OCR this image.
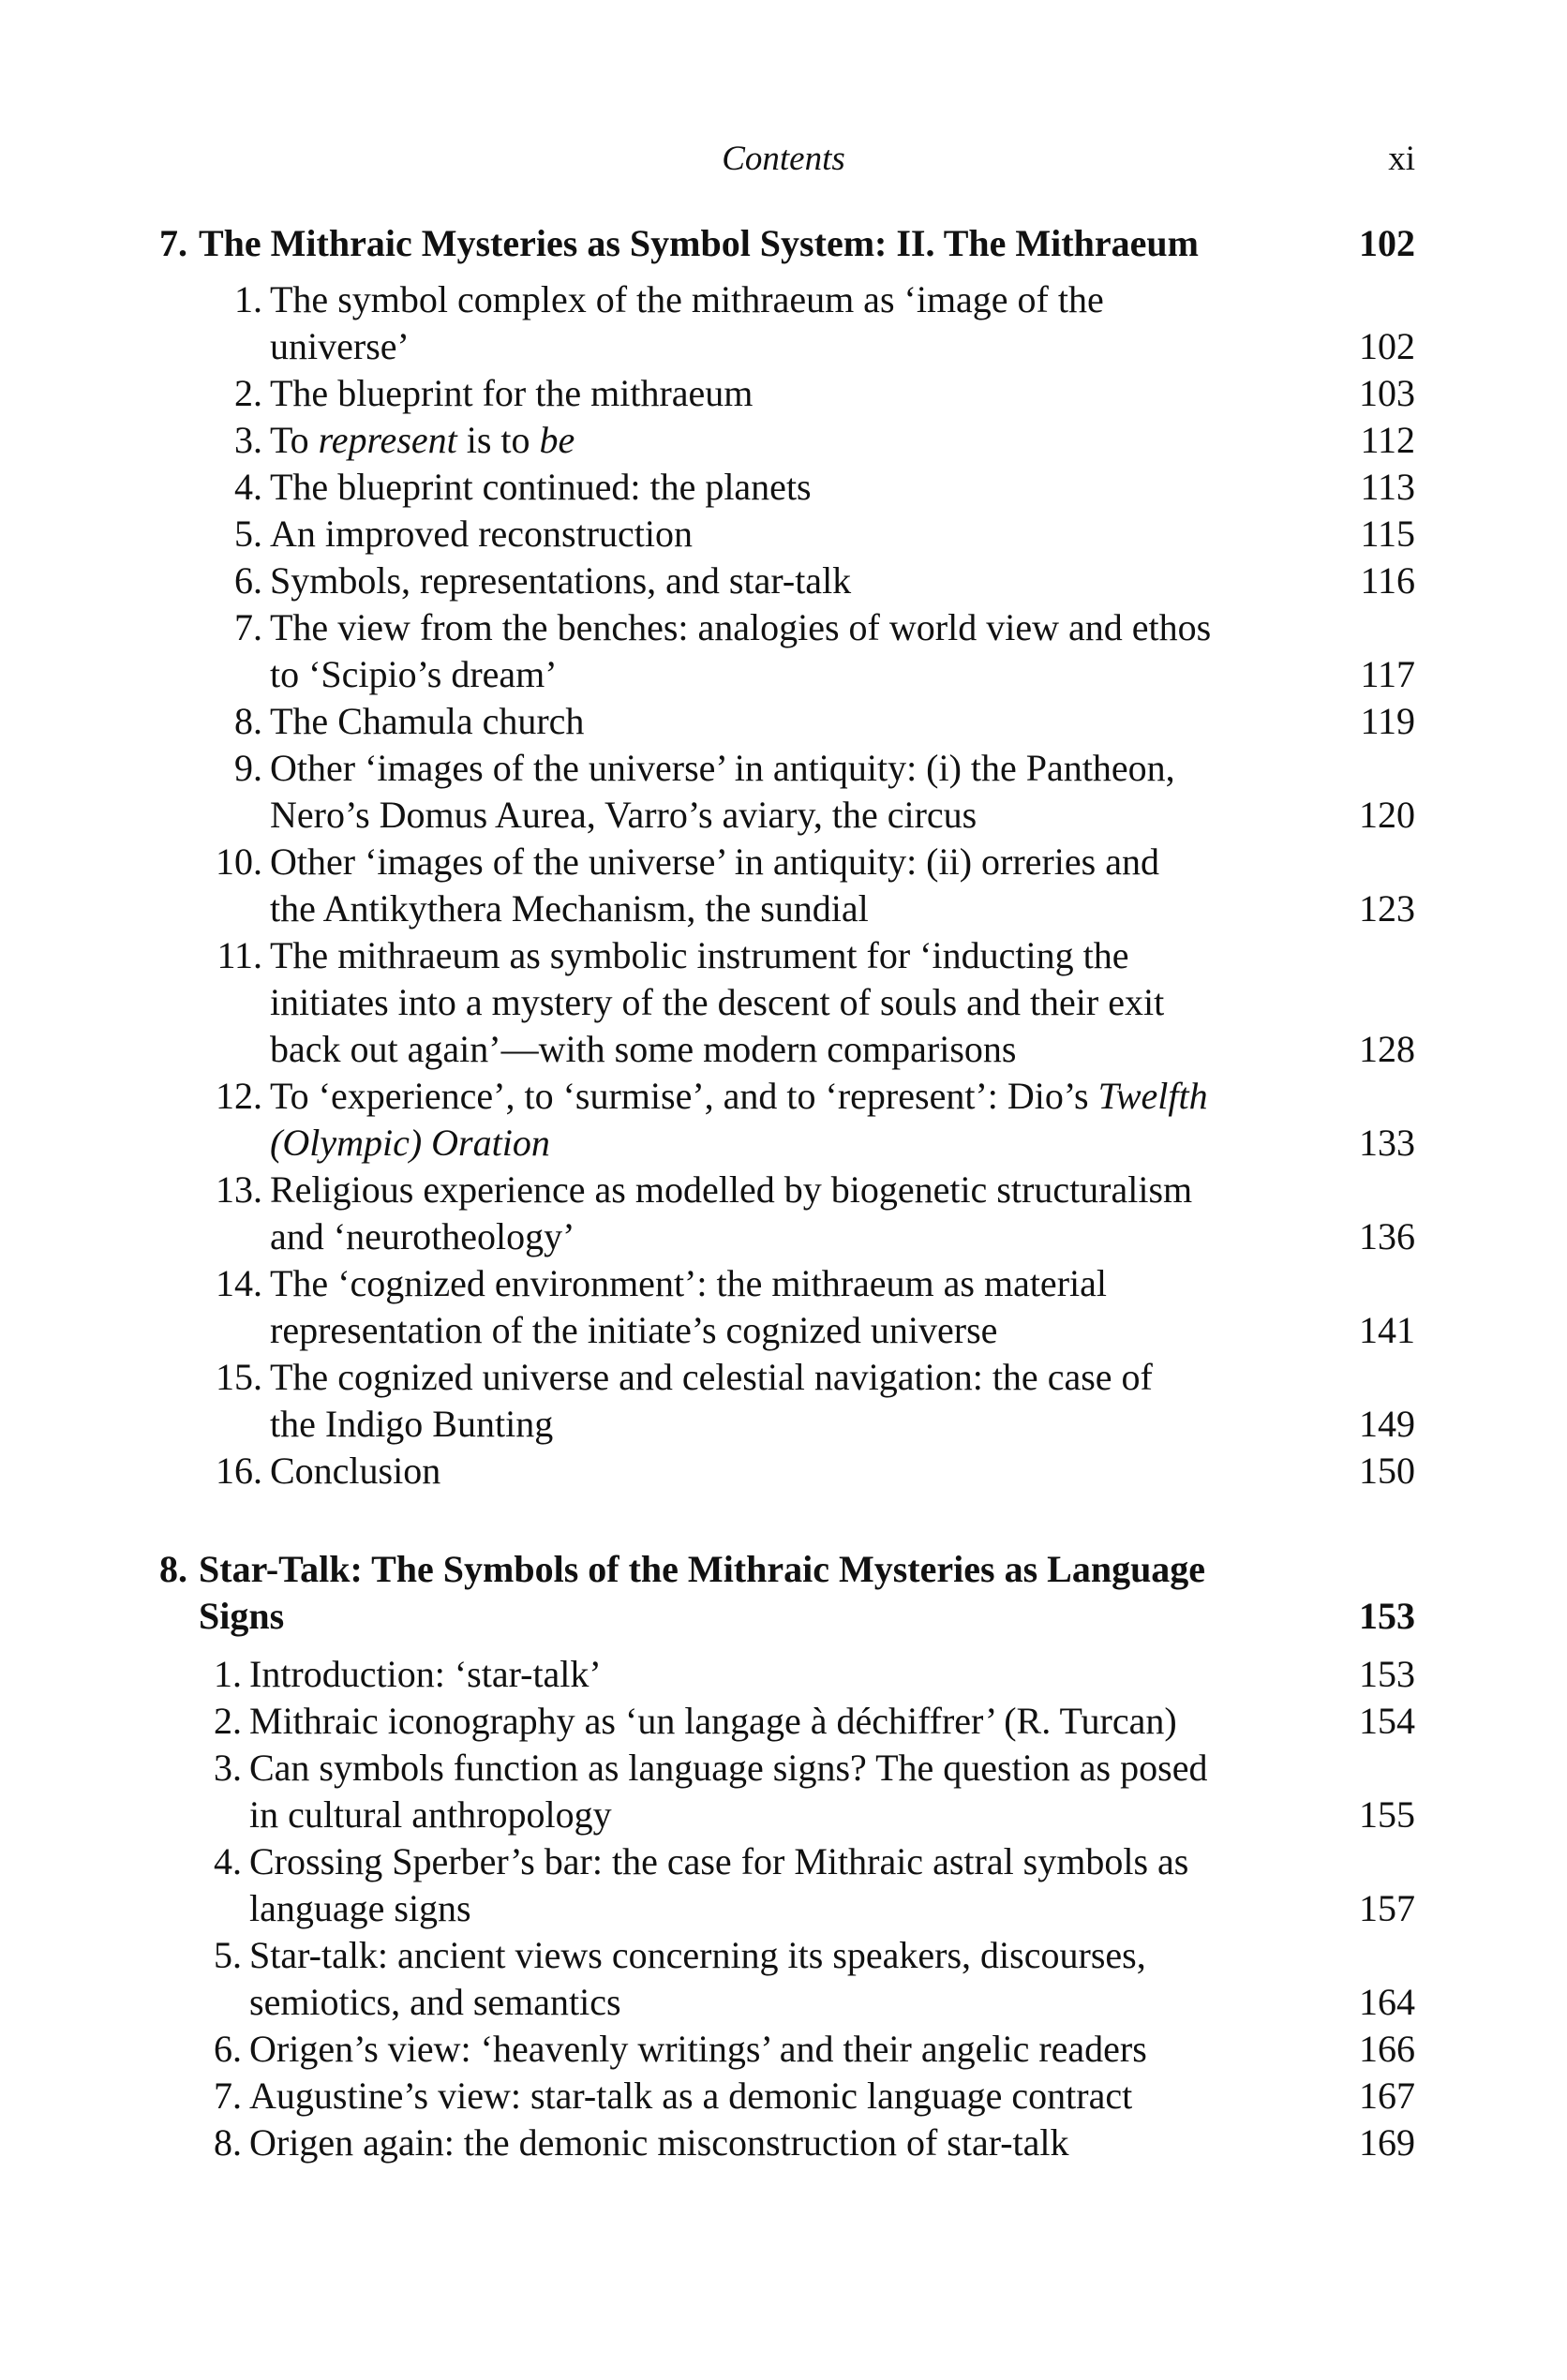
Contents	xi
7. The Mithraic Mysteries as Symbol System: II. The Mithraeum	102
1. The symbol complex of the mithraeum as ‘image of the
universe’	102
2. The blueprint for the mithraeum	103
3. To represent is to be	112
4. The blueprint continued: the planets	113
5. An improved reconstruction	115
6. Symbols, representations, and star-talk	116
7. The view from the benches: analogies of world view and ethos
to ‘Scipio’s dream’	117
8. The Chamula church	119
9. Other ‘images of the universe’ in antiquity: (i) the Pantheon,
Nero’s Domus Aurea, Varro’s aviary, the circus	120
10. Other ‘images of the universe’ in antiquity: (ii) orreries and
the Antikythera Mechanism, the sundial	123
11. The mithraeum as symbolic instrument for ‘inducting the
initiates into a mystery of the descent of souls and their exit
back out again’—with some modern comparisons	128
12. To ‘experience’, to ‘surmise’, and to ‘represent’: Dio’s Twelfth
(Olympic) Oration	133
13. Religious experience as modelled by biogenetic structuralism
and ‘neurotheology’	136
14. The ‘cognized environment’: the mithraeum as material
representation of the initiate’s cognized universe	141
15. The cognized universe and celestial navigation: the case of
the Indigo Bunting	149
16. Conclusion	150
8. Star-Talk: The Symbols of the Mithraic Mysteries as Language
Signs	153
1. Introduction: ‘star-talk’	153
2. Mithraic iconography as ‘un langage à déchiffrer’ (R. Turcan)	154
3. Can symbols function as language signs? The question as posed
in cultural anthropology	155
4. Crossing Sperber’s bar: the case for Mithraic astral symbols as
language signs	157
5. Star-talk: ancient views concerning its speakers, discourses,
semiotics, and semantics	164
6. Origen’s view: ‘heavenly writings’ and their angelic readers	166
7. Augustine’s view: star-talk as a demonic language contract	167
8. Origen again: the demonic misconstruction of star-talk	169
